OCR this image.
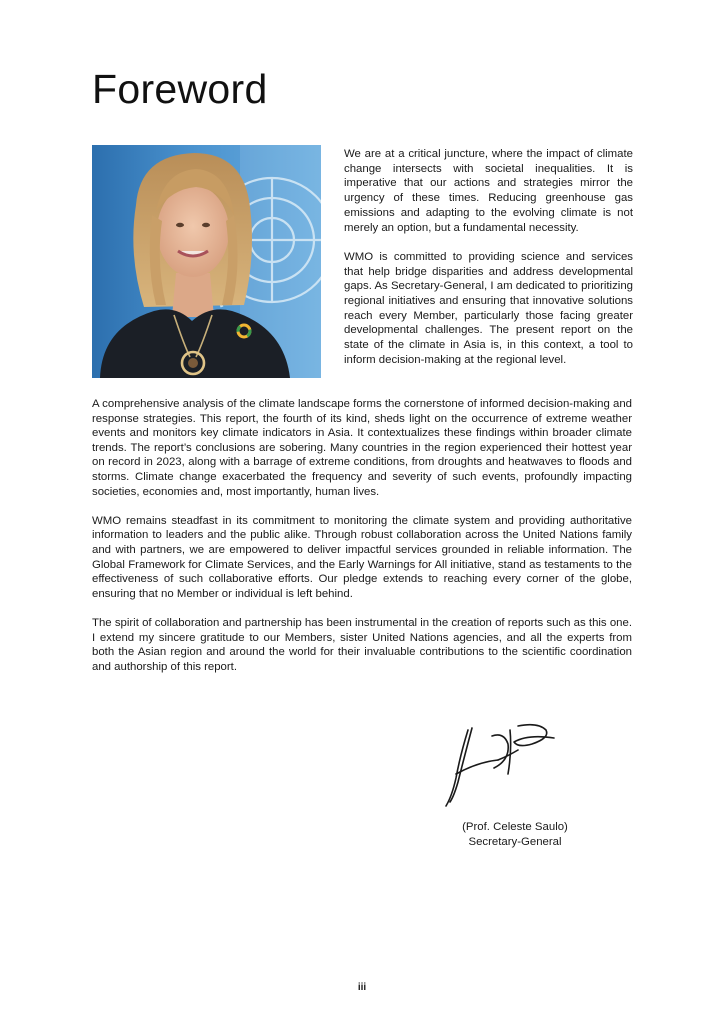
Foreword

We are at a critical juncture, where the impact of climate change intersects with societal inequalities. It is imperative that our actions and strategies mirror the urgency of these times. Reducing greenhouse gas emissions and adapting to the evolving climate is not merely an option, but a fundamental necessity.

WMO is committed to providing science and services that help bridge disparities and address developmental gaps. As Secretary-General, I am dedicated to prioritizing regional initiatives and ensuring that innovative solutions reach every Member, particularly those facing greater developmental challenges. The present report on the state of the climate in Asia is, in this context, a tool to inform decision-making at the regional level.

A comprehensive analysis of the climate landscape forms the cornerstone of informed decision-making and response strategies. This report, the fourth of its kind, sheds light on the occurrence of extreme weather events and monitors key climate indicators in Asia. It contextualizes these findings within broader climate trends. The report’s conclusions are sobering. Many countries in the region experienced their hottest year on record in 2023, along with a barrage of extreme conditions, from droughts and heatwaves to floods and storms. Climate change exacerbated the frequency and severity of such events, profoundly impacting societies, economies and, most importantly, human lives.

WMO remains steadfast in its commitment to monitoring the climate system and providing authoritative information to leaders and the public alike. Through robust collaboration across the United Nations family and with partners, we are empowered to deliver impactful services grounded in reliable information. The Global Framework for Climate Services, and the Early Warnings for All initiative, stand as testaments to the effectiveness of such collaborative efforts. Our pledge extends to reaching every corner of the globe, ensuring that no Member or individual is left behind.

The spirit of collaboration and partnership has been instrumental in the creation of reports such as this one. I extend my sincere gratitude to our Members, sister United Nations agencies, and all the experts from both the Asian region and around the world for their invaluable contributions to the scientific coordination and authorship of this report.

(Prof. Celeste Saulo)
Secretary-General
iii
